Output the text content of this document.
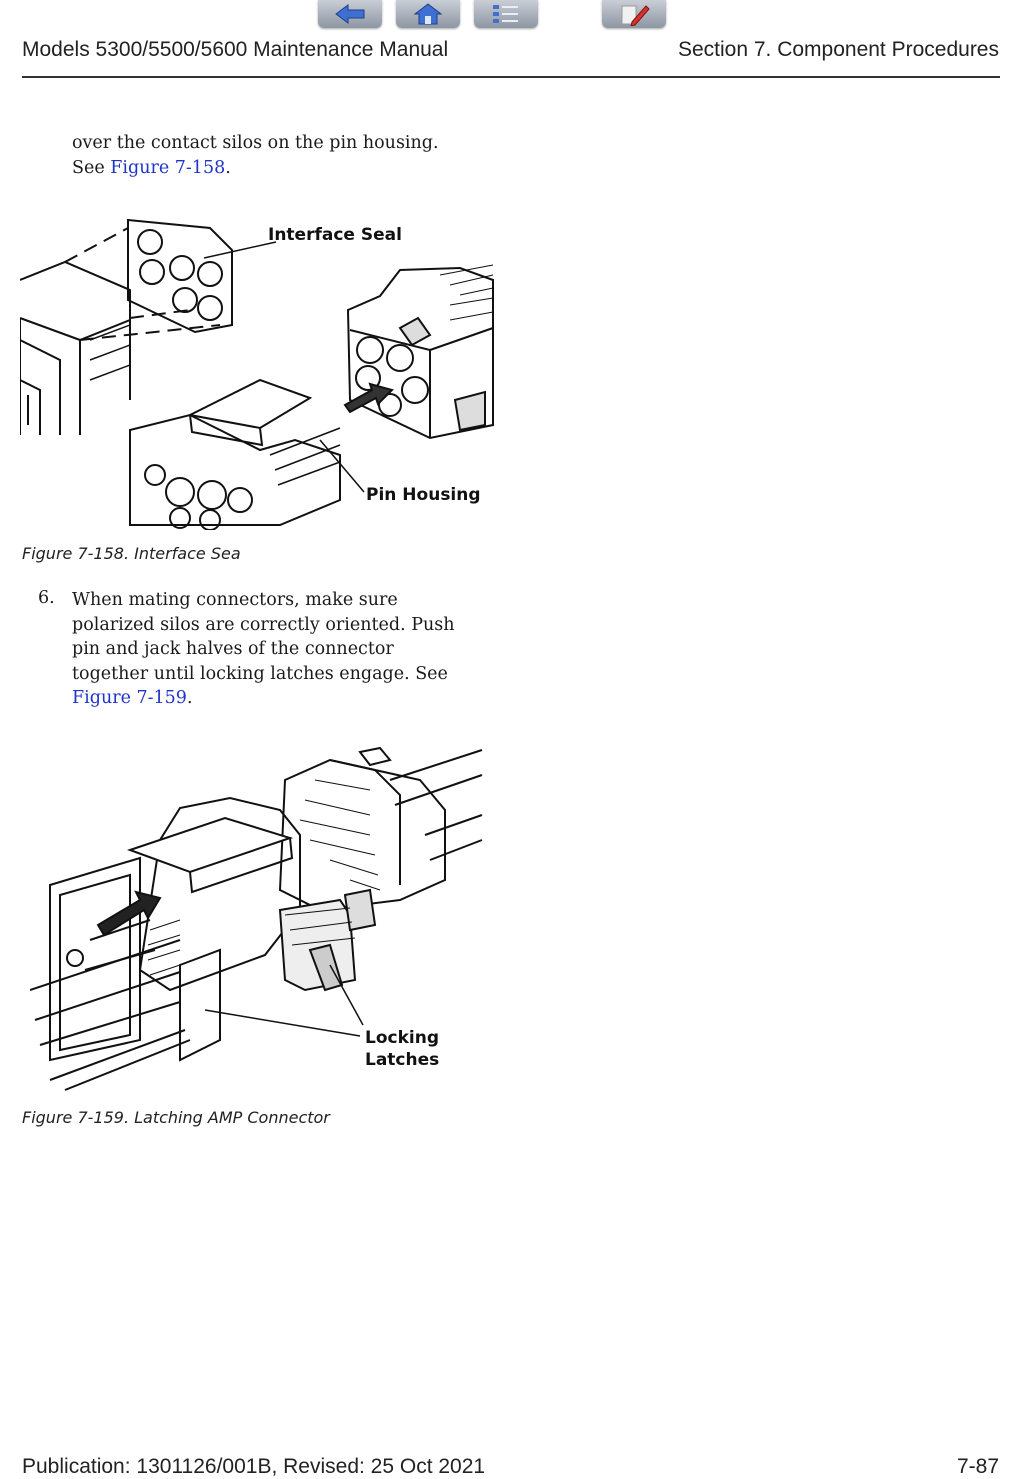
Models 5300/5500/5600 Maintenance Manual	Section 7. Component Procedures
over the contact silos on the pin housing.
See Figure 7-158.
Interface Seal
Pin Housing
Figure 7-158. Interface Sea
6. When mating connectors, make sure
polarized silos are correctly oriented. Push
pin and jack halves of the connector
together until locking latches engage. See
Figure 7-159.
Locking
Latches
Figure 7-159. Latching AMP Connector
Publication: 1301126/001B, Revised: 25 Oct 2021	7-87
